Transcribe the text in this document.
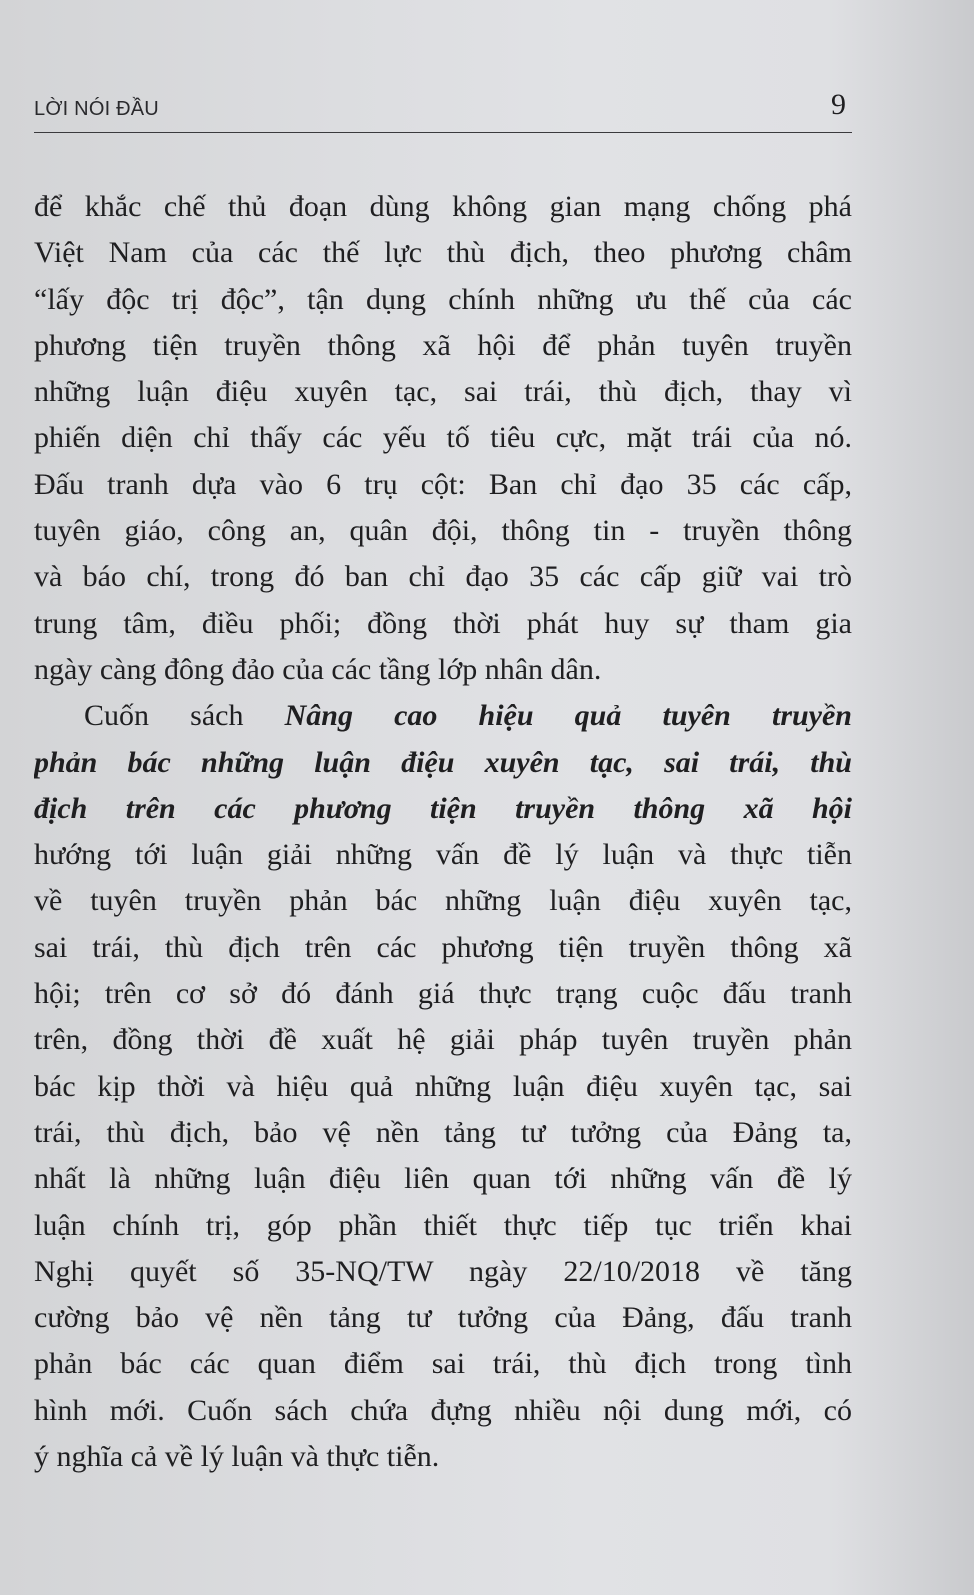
LỜI NÓI ĐẦU	9
để khắc chế thủ đoạn dùng không gian mạng chống phá
Việt Nam của các thế lực thù địch, theo phương châm
“lấy độc trị độc”, tận dụng chính những ưu thế của các
phương tiện truyền thông xã hội để phản tuyên truyền
những luận điệu xuyên tạc, sai trái, thù địch, thay vì
phiến diện chỉ thấy các yếu tố tiêu cực, mặt trái của nó.
Đấu tranh dựa vào 6 trụ cột: Ban chỉ đạo 35 các cấp,
tuyên giáo, công an, quân đội, thông tin - truyền thông
và báo chí, trong đó ban chỉ đạo 35 các cấp giữ vai trò
trung tâm, điều phối; đồng thời phát huy sự tham gia
ngày càng đông đảo của các tầng lớp nhân dân.
Cuốn sách Nâng cao hiệu quả tuyên truyền
phản bác những luận điệu xuyên tạc, sai trái, thù
địch trên các phương tiện truyền thông xã hội
hướng tới luận giải những vấn đề lý luận và thực tiễn
về tuyên truyền phản bác những luận điệu xuyên tạc,
sai trái, thù địch trên các phương tiện truyền thông xã
hội; trên cơ sở đó đánh giá thực trạng cuộc đấu tranh
trên, đồng thời đề xuất hệ giải pháp tuyên truyền phản
bác kịp thời và hiệu quả những luận điệu xuyên tạc, sai
trái, thù địch, bảo vệ nền tảng tư tưởng của Đảng ta,
nhất là những luận điệu liên quan tới những vấn đề lý
luận chính trị, góp phần thiết thực tiếp tục triển khai
Nghị quyết số 35-NQ/TW ngày 22/10/2018 về tăng
cường bảo vệ nền tảng tư tưởng của Đảng, đấu tranh
phản bác các quan điểm sai trái, thù địch trong tình
hình mới. Cuốn sách chứa đựng nhiều nội dung mới, có
ý nghĩa cả về lý luận và thực tiễn.
